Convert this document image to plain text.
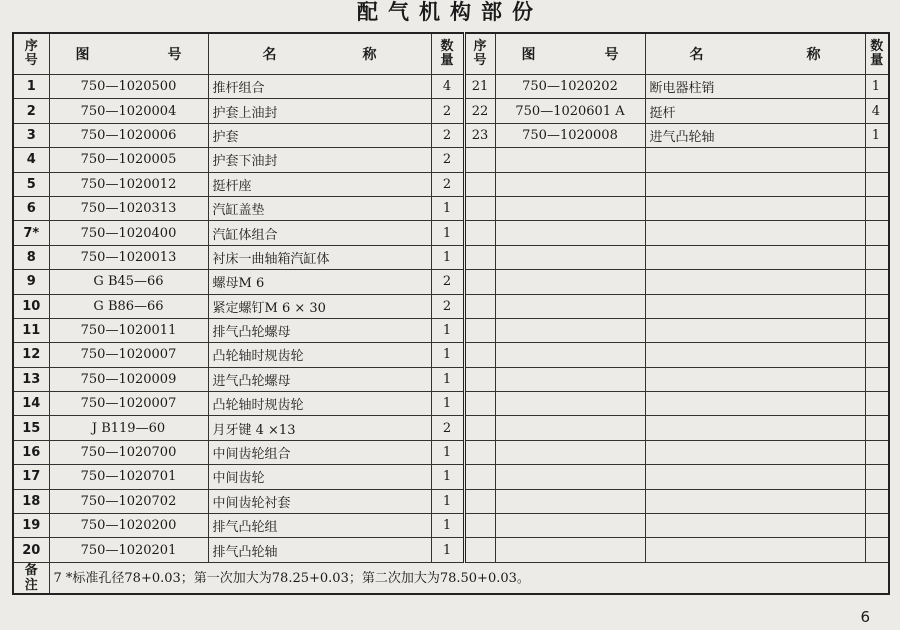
配气机构部份
序号	图 号	名 称	数量	序号	图 号	名 称	数量

1	750—1020500	推杆组合	4	21	750—1020202	断电器柱销	1
2	750—1020004	护套上油封	2	22	750—1020601 A	挺杆	4
3	750—1020006	护套	2	23	750—1020008	进气凸轮轴	1
4	750—1020005	护套下油封	2				
5	750—1020012	挺杆座	2				
6	750—1020313	汽缸盖垫	1				
7*	750—1020400	汽缸体组合	1				
8	750—1020013	衬床一曲轴箱汽缸体	1				
9	G B45—66	螺母M 6	2				
10	G B86—66	紧定螺钉M 6 × 30	2				
11	750—1020011	排气凸轮螺母	1				
12	750—1020007	凸轮轴时规齿轮	1				
13	750—1020009	进气凸轮螺母	1				
14	750—1020007	凸轮轴时规齿轮	1				
15	J B119—60	月牙键 4 ×13	2				
16	750—1020700	中间齿轮组合	1				
17	750—1020701	中间齿轮	1				
18	750—1020702	中间齿轮衬套	1				
19	750—1020200	排气凸轮组	1				
20	750—1020201	排气凸轮轴	1				

备注	7 *标准孔径78+0.03；第一次加大为78.25+0.03；第二次加大为78.50+0.03。						
6
